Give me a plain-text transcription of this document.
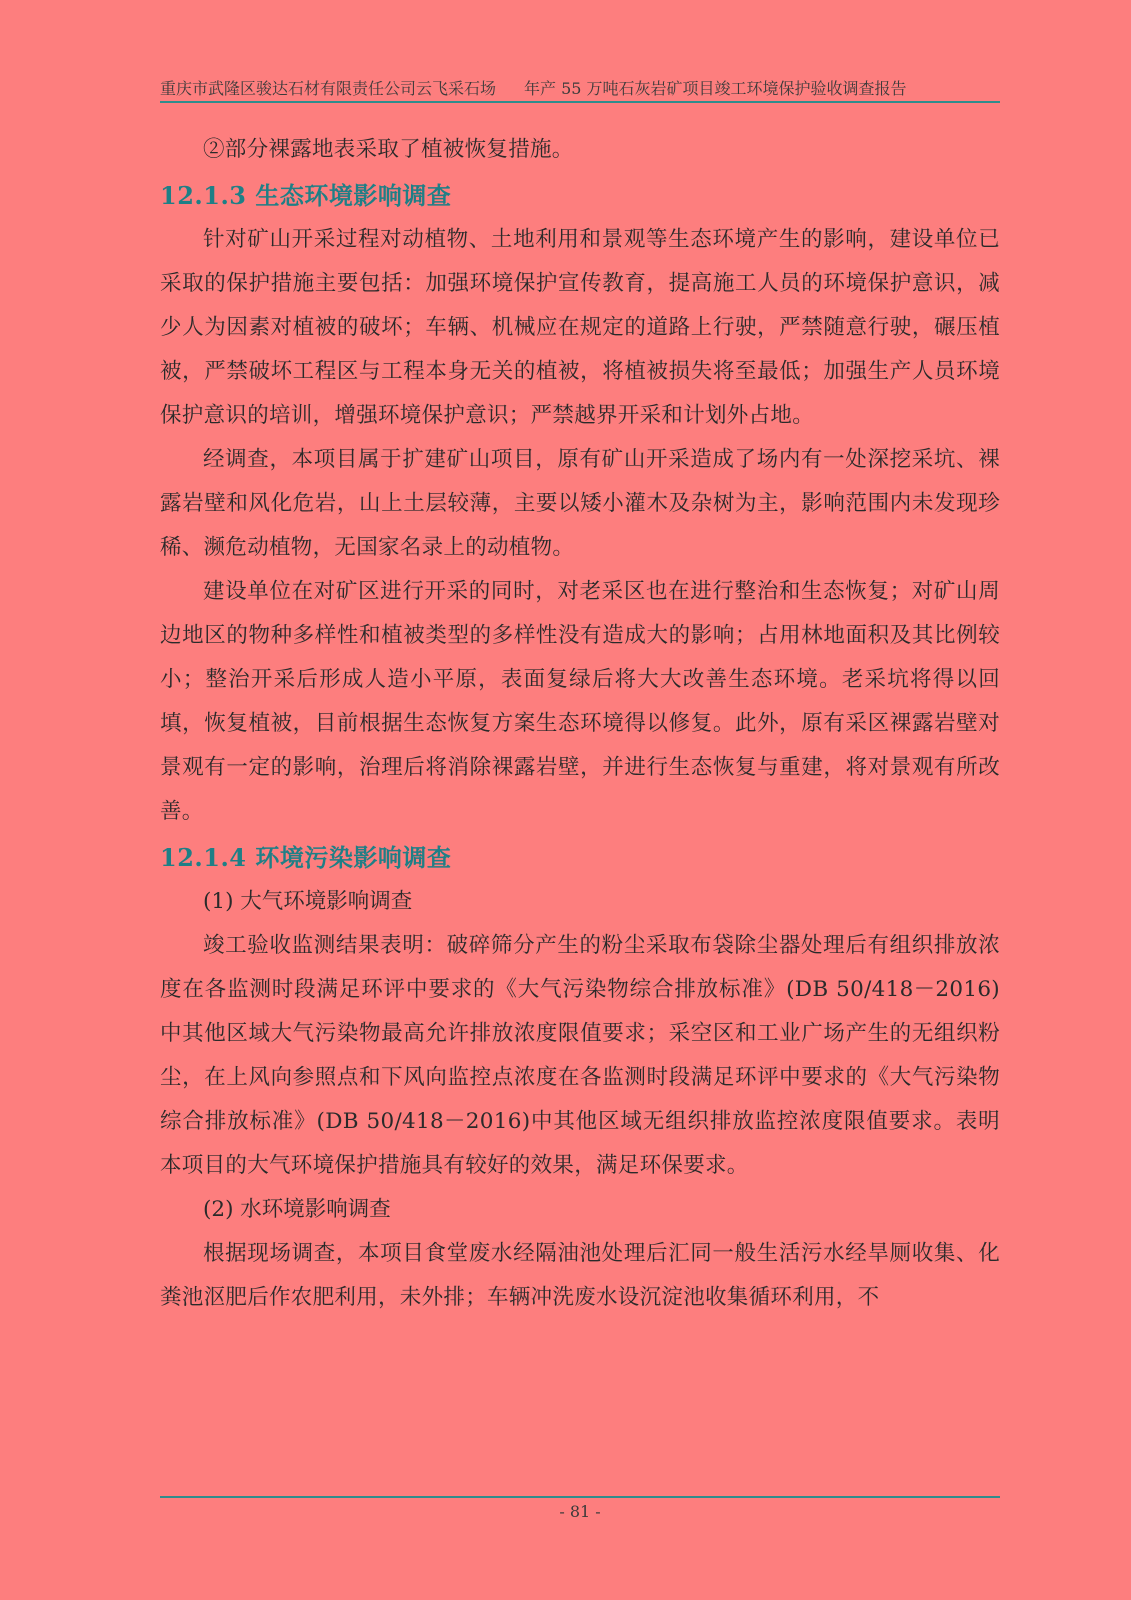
重庆市武隆区骏达石材有限责任公司云飞采石场 年产 55 万吨石灰岩矿项目竣工环境保护验收调查报告

②部分裸露地表采取了植被恢复措施。

12.1.3 生态环境影响调查

针对矿山开采过程对动植物、土地利用和景观等生态环境产生的影响，建设单位已采取的保护措施主要包括：加强环境保护宣传教育，提高施工人员的环境保护意识，减少人为因素对植被的破坏；车辆、机械应在规定的道路上行驶，严禁随意行驶，碾压植被，严禁破坏工程区与工程本身无关的植被，将植被损失将至最低；加强生产人员环境保护意识的培训，增强环境保护意识；严禁越界开采和计划外占地。

经调查，本项目属于扩建矿山项目，原有矿山开采造成了场内有一处深挖采坑、裸露岩壁和风化危岩，山上土层较薄，主要以矮小灌木及杂树为主，影响范围内未发现珍稀、濒危动植物，无国家名录上的动植物。

建设单位在对矿区进行开采的同时，对老采区也在进行整治和生态恢复；对矿山周边地区的物种多样性和植被类型的多样性没有造成大的影响；占用林地面积及其比例较小；整治开采后形成人造小平原，表面复绿后将大大改善生态环境。老采坑将得以回填，恢复植被，目前根据生态恢复方案生态环境得以修复。此外，原有采区裸露岩壁对景观有一定的影响，治理后将消除裸露岩壁，并进行生态恢复与重建，将对景观有所改善。

12.1.4 环境污染影响调查

(1) 大气环境影响调查

竣工验收监测结果表明：破碎筛分产生的粉尘采取布袋除尘器处理后有组织排放浓度在各监测时段满足环评中要求的《大气污染物综合排放标准》(DB 50/418－2016)中其他区域大气污染物最高允许排放浓度限值要求；采空区和工业广场产生的无组织粉尘，在上风向参照点和下风向监控点浓度在各监测时段满足环评中要求的《大气污染物综合排放标准》(DB 50/418－2016)中其他区域无组织排放监控浓度限值要求。表明本项目的大气环境保护措施具有较好的效果，满足环保要求。

(2) 水环境影响调查

根据现场调查，本项目食堂废水经隔油池处理后汇同一般生活污水经旱厕收集、化粪池沤肥后作农肥利用，未外排；车辆冲洗废水设沉淀池收集循环利用，不

- 81 -
